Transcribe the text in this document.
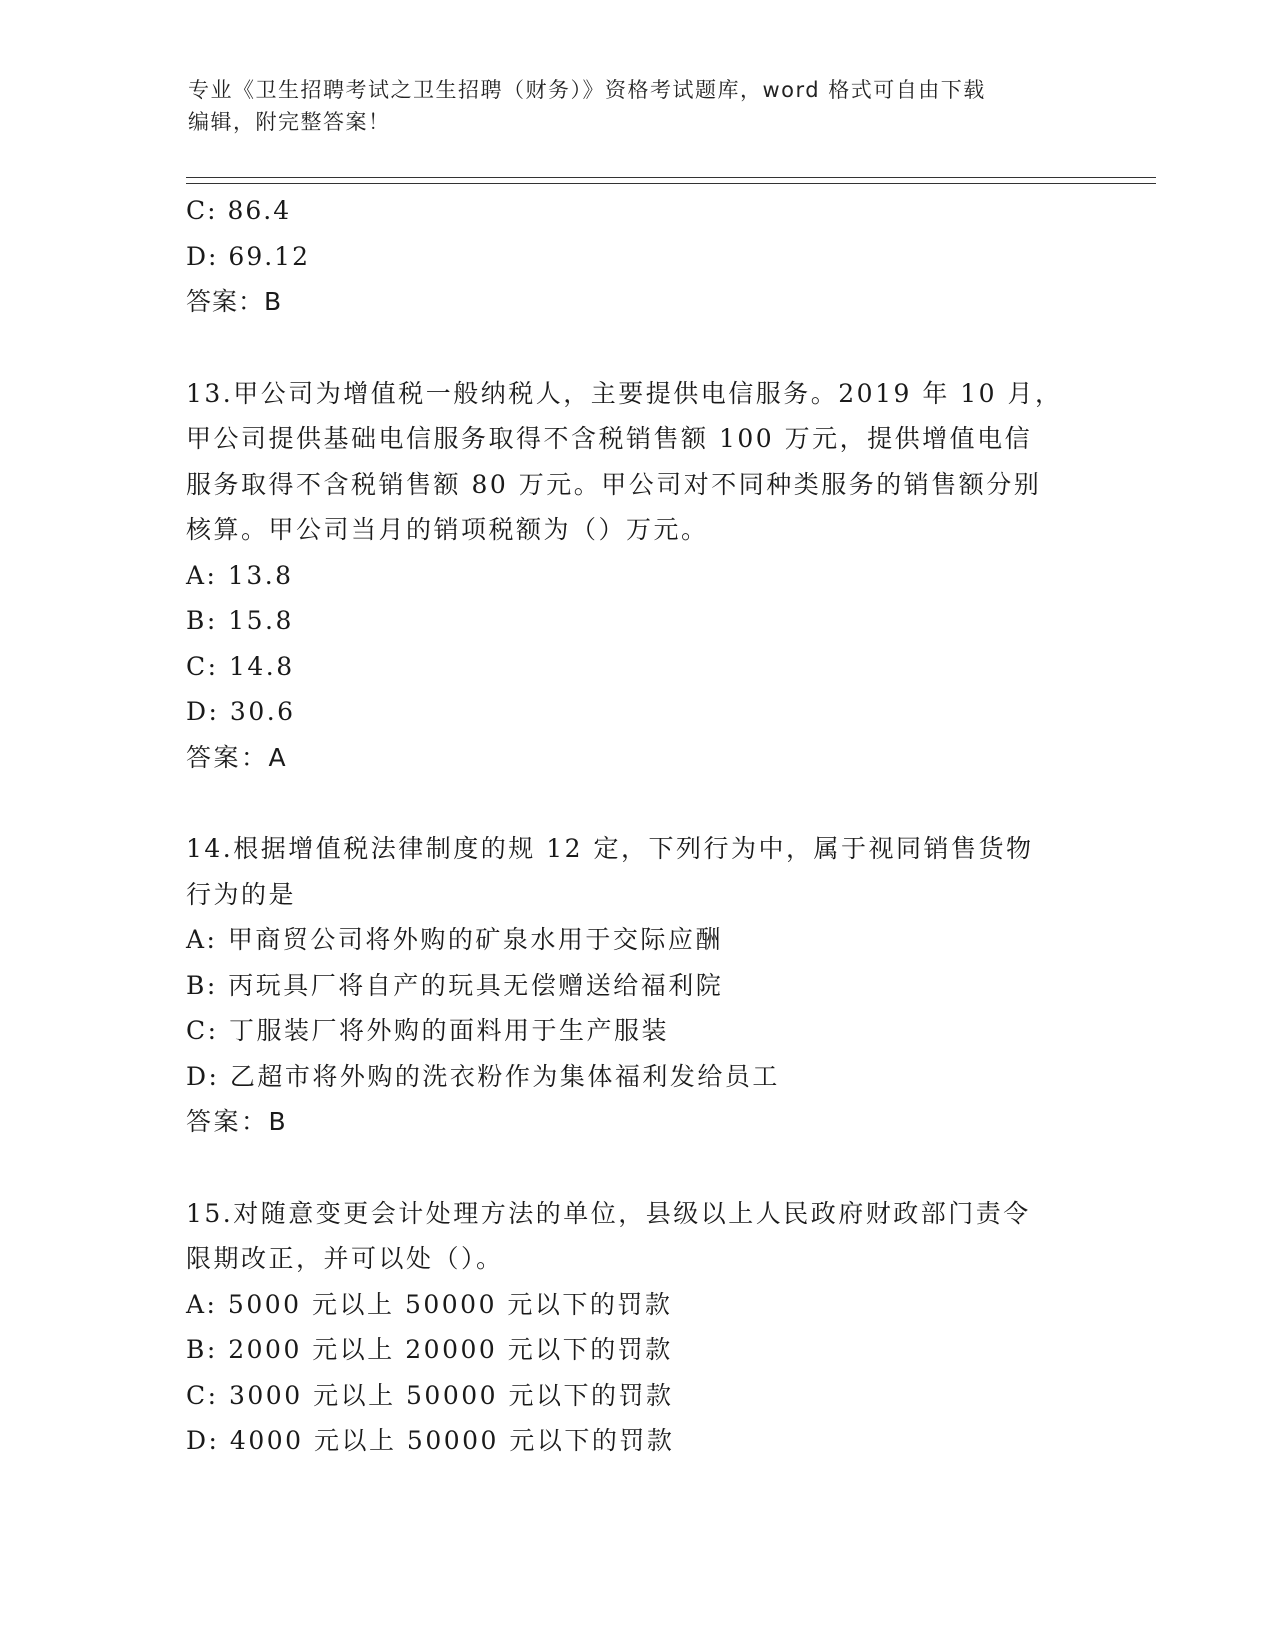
专业《卫生招聘考试之卫生招聘（财务）》资格考试题库，word 格式可自由下载
编辑，附完整答案！
C: 86.4
D: 69.12
答案：B
13.甲公司为增值税一般纳税人，主要提供电信服务。2019 年 10 月，
甲公司提供基础电信服务取得不含税销售额 100 万元，提供增值电信
服务取得不含税销售额 80 万元。甲公司对不同种类服务的销售额分别
核算。甲公司当月的销项税额为（）万元。
A: 13.8
B: 15.8
C: 14.8
D: 30.6
答案：A
14.根据增值税法律制度的规 12 定，下列行为中，属于视同销售货物
行为的是
A: 甲商贸公司将外购的矿泉水用于交际应酬
B: 丙玩具厂将自产的玩具无偿赠送给福利院
C: 丁服装厂将外购的面料用于生产服装
D: 乙超市将外购的洗衣粉作为集体福利发给员工
答案：B
15.对随意变更会计处理方法的单位，县级以上人民政府财政部门责令
限期改正，并可以处（）。
A: 5000 元以上 50000 元以下的罚款
B: 2000 元以上 20000 元以下的罚款
C: 3000 元以上 50000 元以下的罚款
D: 4000 元以上 50000 元以下的罚款
